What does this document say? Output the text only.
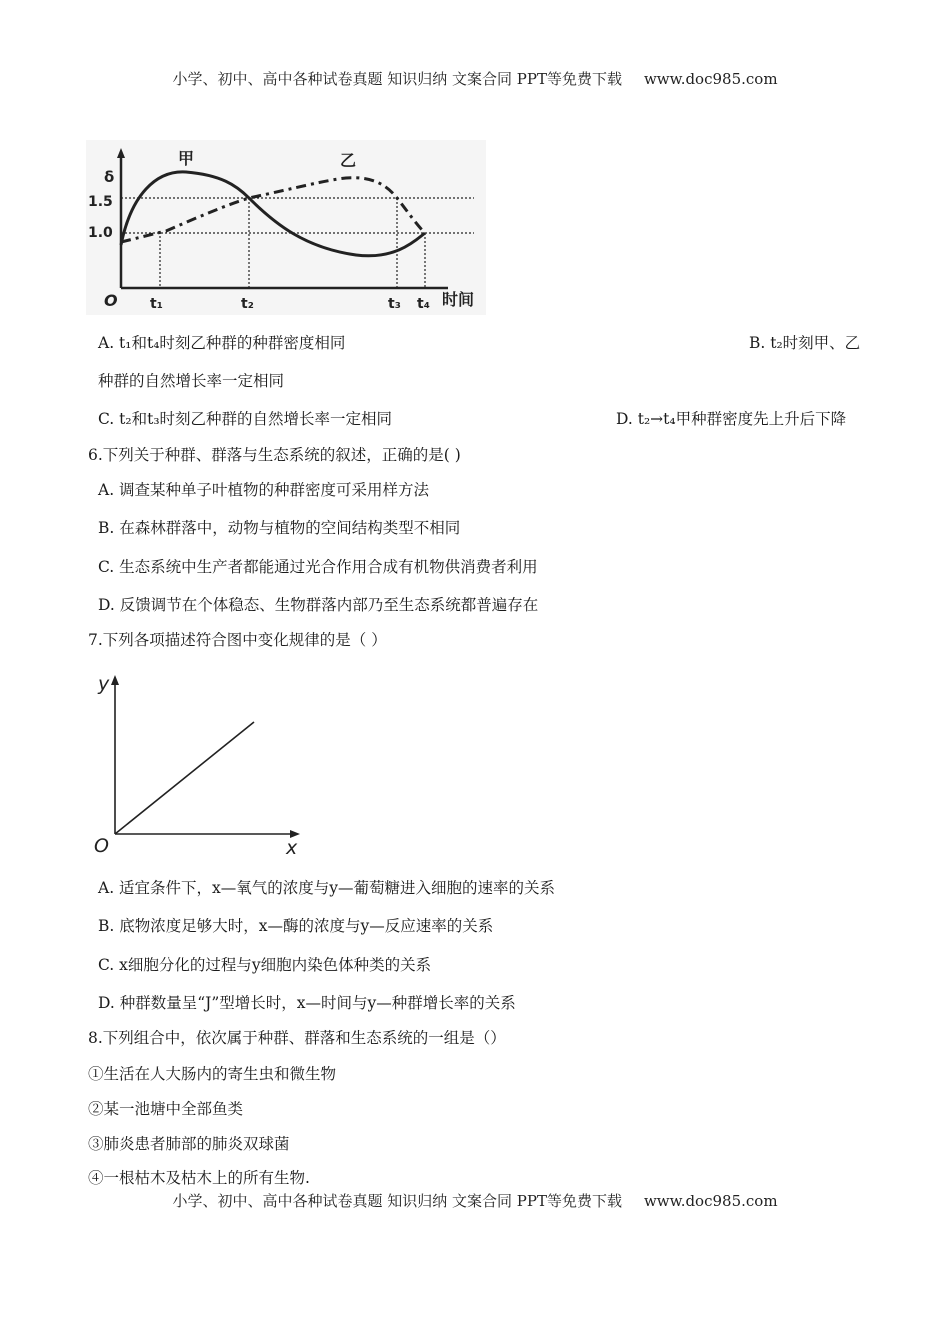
小学、初中、高中各种试卷真题 知识归纳 文案合同 PPT等免费下载 www.doc985.com
δ
1.5
1.0
O t₁	t₂	t₃ t₄ 时间
甲	乙
A. t₁和t₄时刻乙种群的种群密度相同	B. t₂时刻甲、乙
种群的自然增长率一定相同
C. t₂和t₃时刻乙种群的自然增长率一定相同	D. t₂→t₄甲种群密度先上升后下降
6.下列关于种群、群落与生态系统的叙述，正确的是( )
A. 调查某种单子叶植物的种群密度可采用样方法
B. 在森林群落中，动物与植物的空间结构类型不相同
C. 生态系统中生产者都能通过光合作用合成有机物供消费者利用
D. 反馈调节在个体稳态、生物群落内部乃至生态系统都普遍存在
7.下列各项描述符合图中变化规律的是（ ）
y
x
O
A. 适宜条件下，x—氧气的浓度与y—葡萄糖进入细胞的速率的关系
B. 底物浓度足够大时，x—酶的浓度与y—反应速率的关系
C. x细胞分化的过程与y细胞内染色体种类的关系
D. 种群数量呈“J”型增长时，x—时间与y—种群增长率的关系
8.下列组合中，依次属于种群、群落和生态系统的一组是（）
①生活在人大肠内的寄生虫和微生物
②某一池塘中全部鱼类
③肺炎患者肺部的肺炎双球菌
④一根枯木及枯木上的所有生物.
小学、初中、高中各种试卷真题 知识归纳 文案合同 PPT等免费下载 www.doc985.com
